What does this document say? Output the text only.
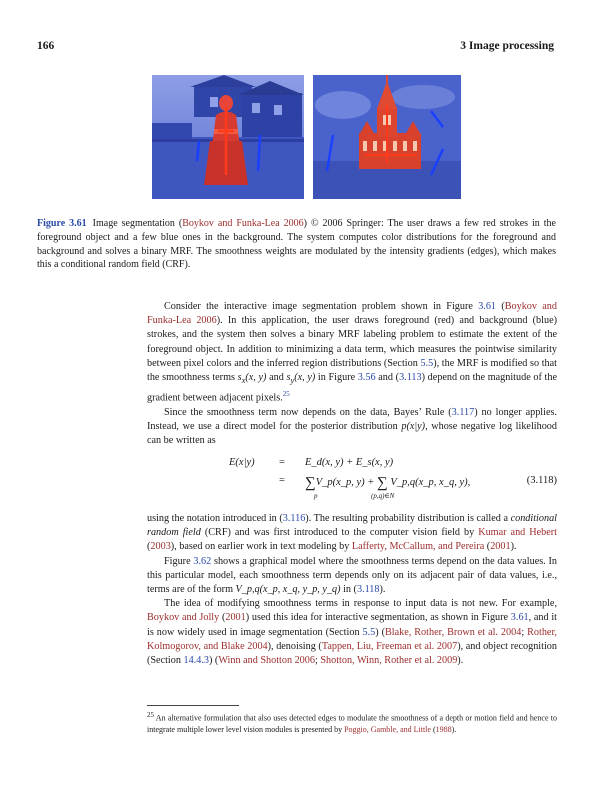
166	3 Image processing
Figure 3.61 Image segmentation (Boykov and Funka-Lea 2006) © 2006 Springer: The user draws a few red strokes in the foreground object and a few blue ones in the background. The system computes color distributions for the foreground and background and solves a binary MRF. The smoothness weights are modulated by the intensity gradients (edges), which makes this a conditional random field (CRF).

Consider the interactive image segmentation problem shown in Figure 3.61 (Boykov and Funka-Lea 2006). In this application, the user draws foreground (red) and background (blue) strokes, and the system then solves a binary MRF labeling problem to estimate the extent of the foreground object. In addition to minimizing a data term, which measures the pointwise similarity between pixel colors and the inferred region distributions (Section 5.5), the MRF is modified so that the smoothness terms $s_x(x$, y) and $s_y(x$, y) in Figure 3.56 and (3.113) depend on the magnitude of the gradient between adjacent pixels.$^{25}$

Since the smoothness term now depends on the data, Bayes’ Rule (3.117) no longer applies. Instead, we use a direct model for the posterior distribution p(x|y), whose negative log likelihood can be written as

E(x|y) = E_d(x, y) + E_s(x, y)
= ∑V_p(x_p, y) + ∑ V_p,q(x_p, x_q, y),
p	(p,q)∈N
(3.118)

using the notation introduced in (3.116). The resulting probability distribution is called a conditional random field (CRF) and was first introduced to the computer vision field by Kumar and Hebert (2003), based on earlier work in text modeling by Lafferty, McCallum, and Pereira (2001).

Figure 3.62 shows a graphical model where the smoothness terms depend on the data values. In this particular model, each smoothness term depends only on its adjacent pair of data values, i.e., terms are of the form V_p,q(x_p, x_q, y_p, y_q) in (3.118).

The idea of modifying smoothness terms in response to input data is not new. For example, Boykov and Jolly (2001) used this idea for interactive segmentation, as shown in Figure 3.61, and it is now widely used in image segmentation (Section 5.5) (Blake, Rother, Brown et al. 2004; Rother, Kolmogorov, and Blake 2004), denoising (Tappen, Liu, Freeman et al. 2007), and object recognition (Section 14.4.3) (Winn and Shotton 2006; Shotton, Winn, Rother et al. 2009).

$^{25}$ An alternative formulation that also uses detected edges to modulate the smoothness of a depth or motion field and hence to integrate multiple lower level vision modules is presented by Poggio, Gamble, and Little (1988).
